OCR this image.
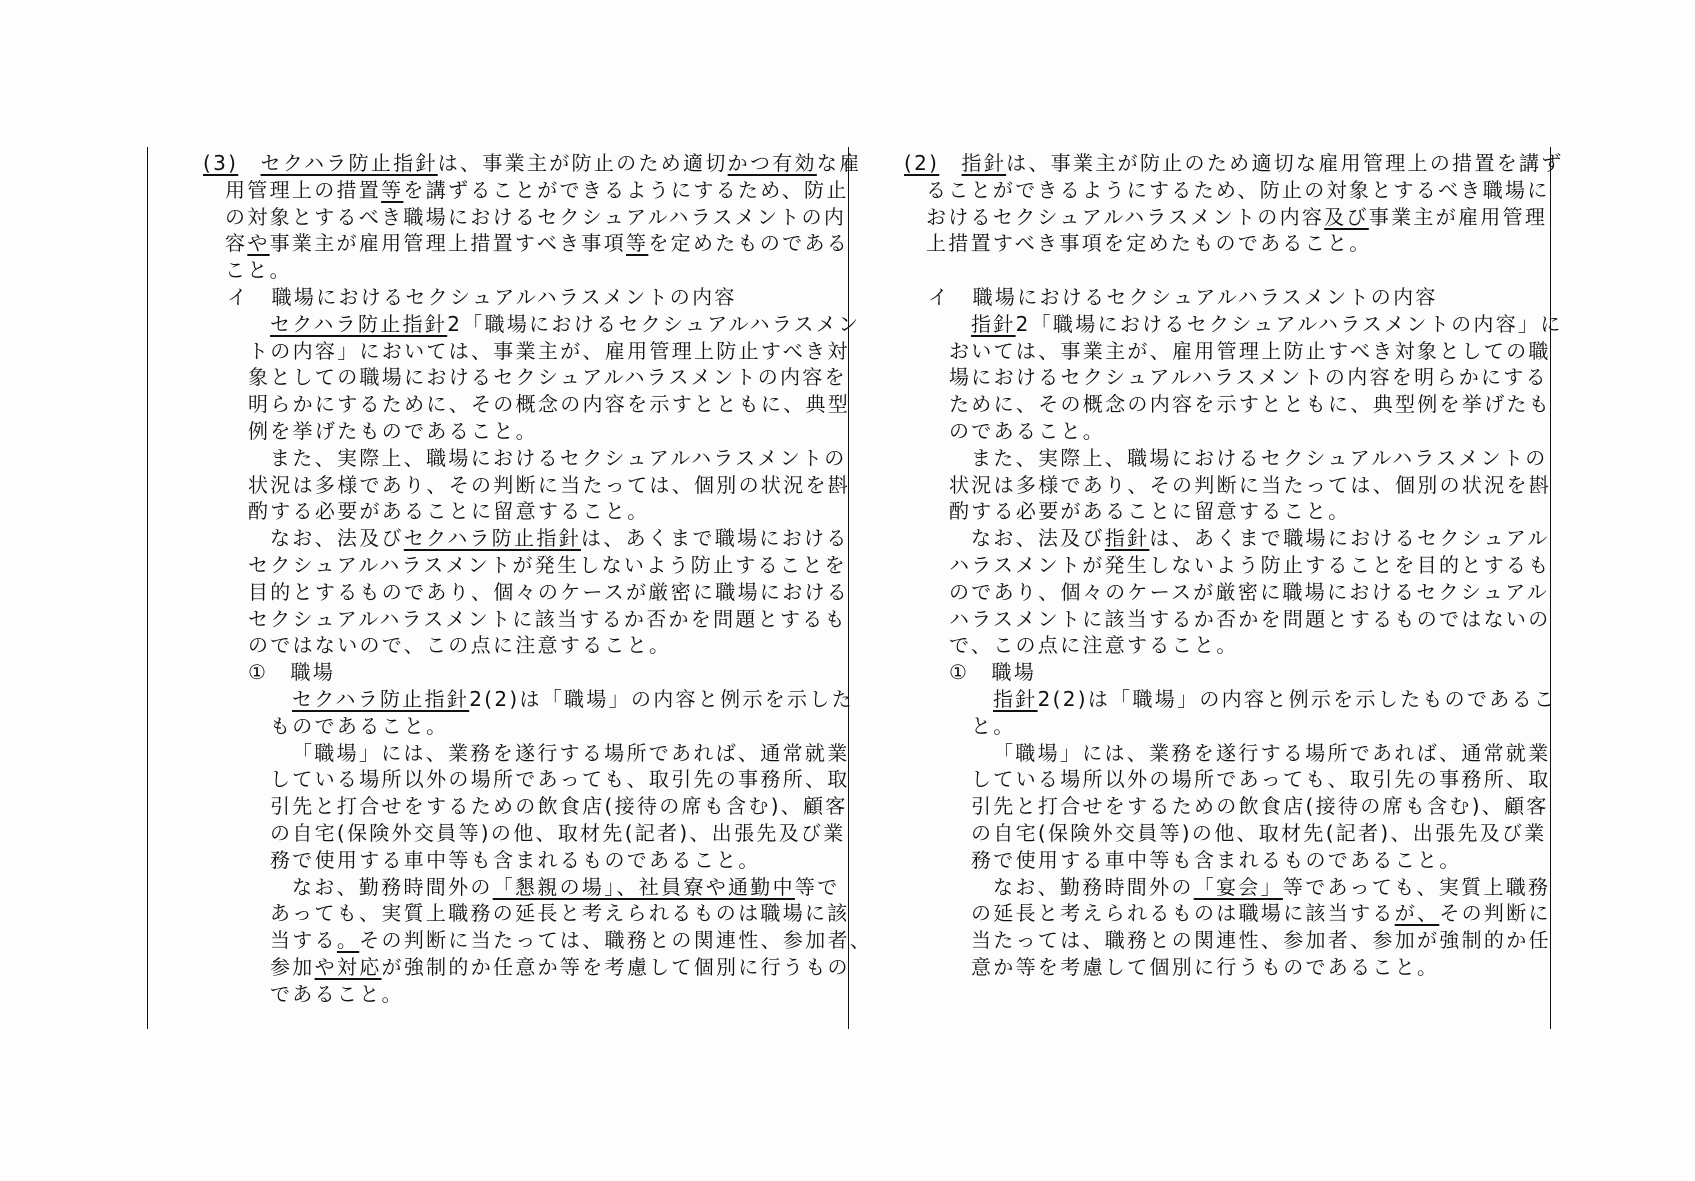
(3)　 セクハラ防止指針は、事業主が防止のため適切かつ有効な雇
用管理上の措置等を講ずることができるようにするため、防止
の対象とするべき職場におけるセクシュアルハラスメントの内
容や事業主が雇用管理上措置すべき事項等を定めたものである
こと。
イ　職場におけるセクシュアルハラスメントの内容
セクハラ防止指針2「職場におけるセクシュアルハラスメン
トの内容」においては、事業主が、雇用管理上防止すべき対
象としての職場におけるセクシュアルハラスメントの内容を
明らかにするために、その概念の内容を示すとともに、典型
例を挙げたものであること。
また、実際上、職場におけるセクシュアルハラスメントの
状況は多様であり、その判断に当たっては、個別の状況を斟
酌する必要があることに留意すること。
なお、法及びセクハラ防止指針は、あくまで職場における
セクシュアルハラスメントが発生しないよう防止することを
目的とするものであり、個々のケースが厳密に職場における
セクシュアルハラスメントに該当するか否かを問題とするも
のではないので、この点に注意すること。
①　職場
セクハラ防止指針2(2)は「職場」の内容と例示を示した
ものであること。
「職場」には、業務を遂行する場所であれば、通常就業
している場所以外の場所であっても、取引先の事務所、取
引先と打合せをするための飲食店(接待の席も含む)、顧客
の自宅(保険外交員等)の他、取材先(記者)、出張先及び業
務で使用する車中等も含まれるものであること。
なお、勤務時間外の「懇親の場」、社員寮や通勤中等で
あっても、実質上職務の延長と考えられるものは職場に該
当する。その判断に当たっては、職務との関連性、参加者、
参加や対応が強制的か任意か等を考慮して個別に行うもの
であること。
(2)　 指針は、事業主が防止のため適切な雇用管理上の措置を講ず
ることができるようにするため、防止の対象とするべき職場に
おけるセクシュアルハラスメントの内容及び事業主が雇用管理
上措置すべき事項を定めたものであること。
イ　職場におけるセクシュアルハラスメントの内容
指針2「職場におけるセクシュアルハラスメントの内容」に
おいては、事業主が、雇用管理上防止すべき対象としての職
場におけるセクシュアルハラスメントの内容を明らかにする
ために、その概念の内容を示すとともに、典型例を挙げたも
のであること。
また、実際上、職場におけるセクシュアルハラスメントの
状況は多様であり、その判断に当たっては、個別の状況を斟
酌する必要があることに留意すること。
なお、法及び指針は、あくまで職場におけるセクシュアル
ハラスメントが発生しないよう防止することを目的とするも
のであり、個々のケースが厳密に職場におけるセクシュアル
ハラスメントに該当するか否かを問題とするものではないの
で、この点に注意すること。
①　職場
指針2(2)は「職場」の内容と例示を示したものであるこ
と。
「職場」には、業務を遂行する場所であれば、通常就業
している場所以外の場所であっても、取引先の事務所、取
引先と打合せをするための飲食店(接待の席も含む)、顧客
の自宅(保険外交員等)の他、取材先(記者)、出張先及び業
務で使用する車中等も含まれるものであること。
なお、勤務時間外の「宴会」等であっても、実質上職務
の延長と考えられるものは職場に該当するが、その判断に
当たっては、職務との関連性、参加者、参加が強制的か任
意か等を考慮して個別に行うものであること。
